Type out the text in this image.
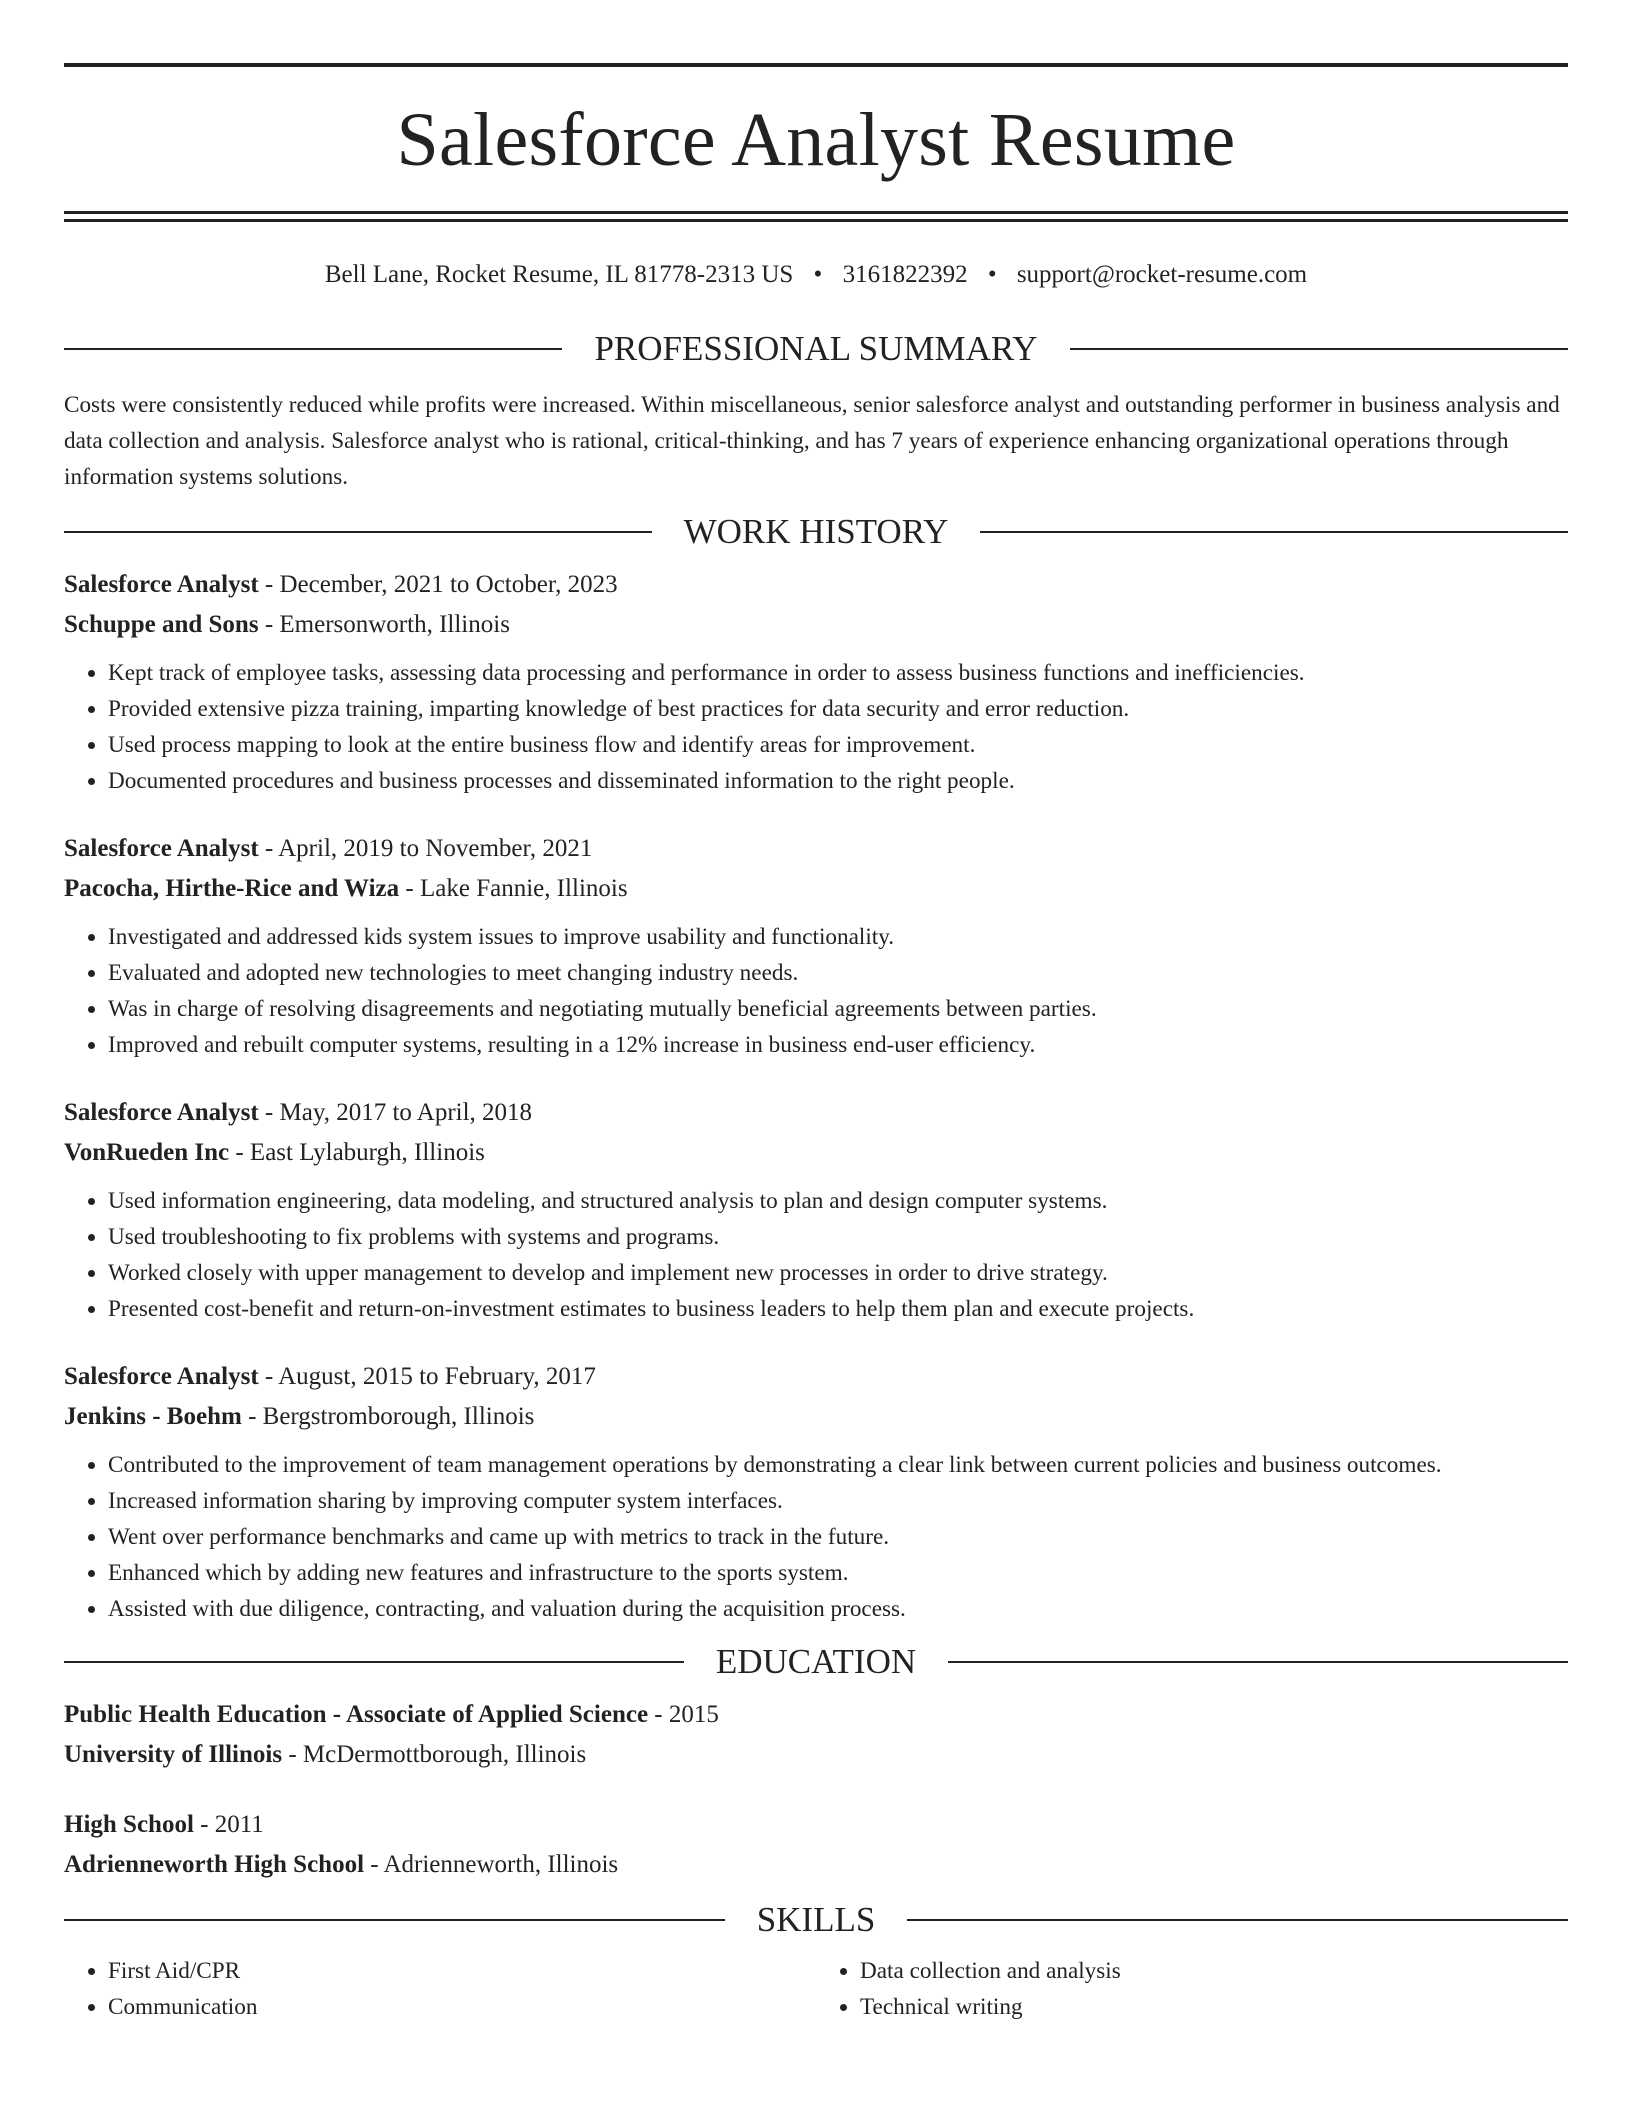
Salesforce Analyst Resume
Bell Lane, Rocket Resume, IL 81778-2313 US • 3161822392 • support@rocket-resume.com
PROFESSIONAL SUMMARY
Costs were consistently reduced while profits were increased. Within miscellaneous, senior salesforce analyst and outstanding performer in business analysis and data collection and analysis. Salesforce analyst who is rational, critical-thinking, and has 7 years of experience enhancing organizational operations through information systems solutions.
WORK HISTORY
Salesforce Analyst - December, 2021 to October, 2023
Schuppe and Sons - Emersonworth, Illinois
• Kept track of employee tasks, assessing data processing and performance in order to assess business functions and inefficiencies.
• Provided extensive pizza training, imparting knowledge of best practices for data security and error reduction.
• Used process mapping to look at the entire business flow and identify areas for improvement.
• Documented procedures and business processes and disseminated information to the right people.
Salesforce Analyst - April, 2019 to November, 2021
Pacocha, Hirthe-Rice and Wiza - Lake Fannie, Illinois
• Investigated and addressed kids system issues to improve usability and functionality.
• Evaluated and adopted new technologies to meet changing industry needs.
• Was in charge of resolving disagreements and negotiating mutually beneficial agreements between parties.
• Improved and rebuilt computer systems, resulting in a 12% increase in business end-user efficiency.
Salesforce Analyst - May, 2017 to April, 2018
VonRueden Inc - East Lylaburgh, Illinois
• Used information engineering, data modeling, and structured analysis to plan and design computer systems.
• Used troubleshooting to fix problems with systems and programs.
• Worked closely with upper management to develop and implement new processes in order to drive strategy.
• Presented cost-benefit and return-on-investment estimates to business leaders to help them plan and execute projects.
Salesforce Analyst - August, 2015 to February, 2017
Jenkins - Boehm - Bergstromborough, Illinois
• Contributed to the improvement of team management operations by demonstrating a clear link between current policies and business outcomes.
• Increased information sharing by improving computer system interfaces.
• Went over performance benchmarks and came up with metrics to track in the future.
• Enhanced which by adding new features and infrastructure to the sports system.
• Assisted with due diligence, contracting, and valuation during the acquisition process.
EDUCATION
Public Health Education - Associate of Applied Science - 2015
University of Illinois - McDermottborough, Illinois
High School - 2011
Adrienneworth High School - Adrienneworth, Illinois
SKILLS
• First Aid/CPR
• Communication
• Data collection and analysis
• Technical writing
